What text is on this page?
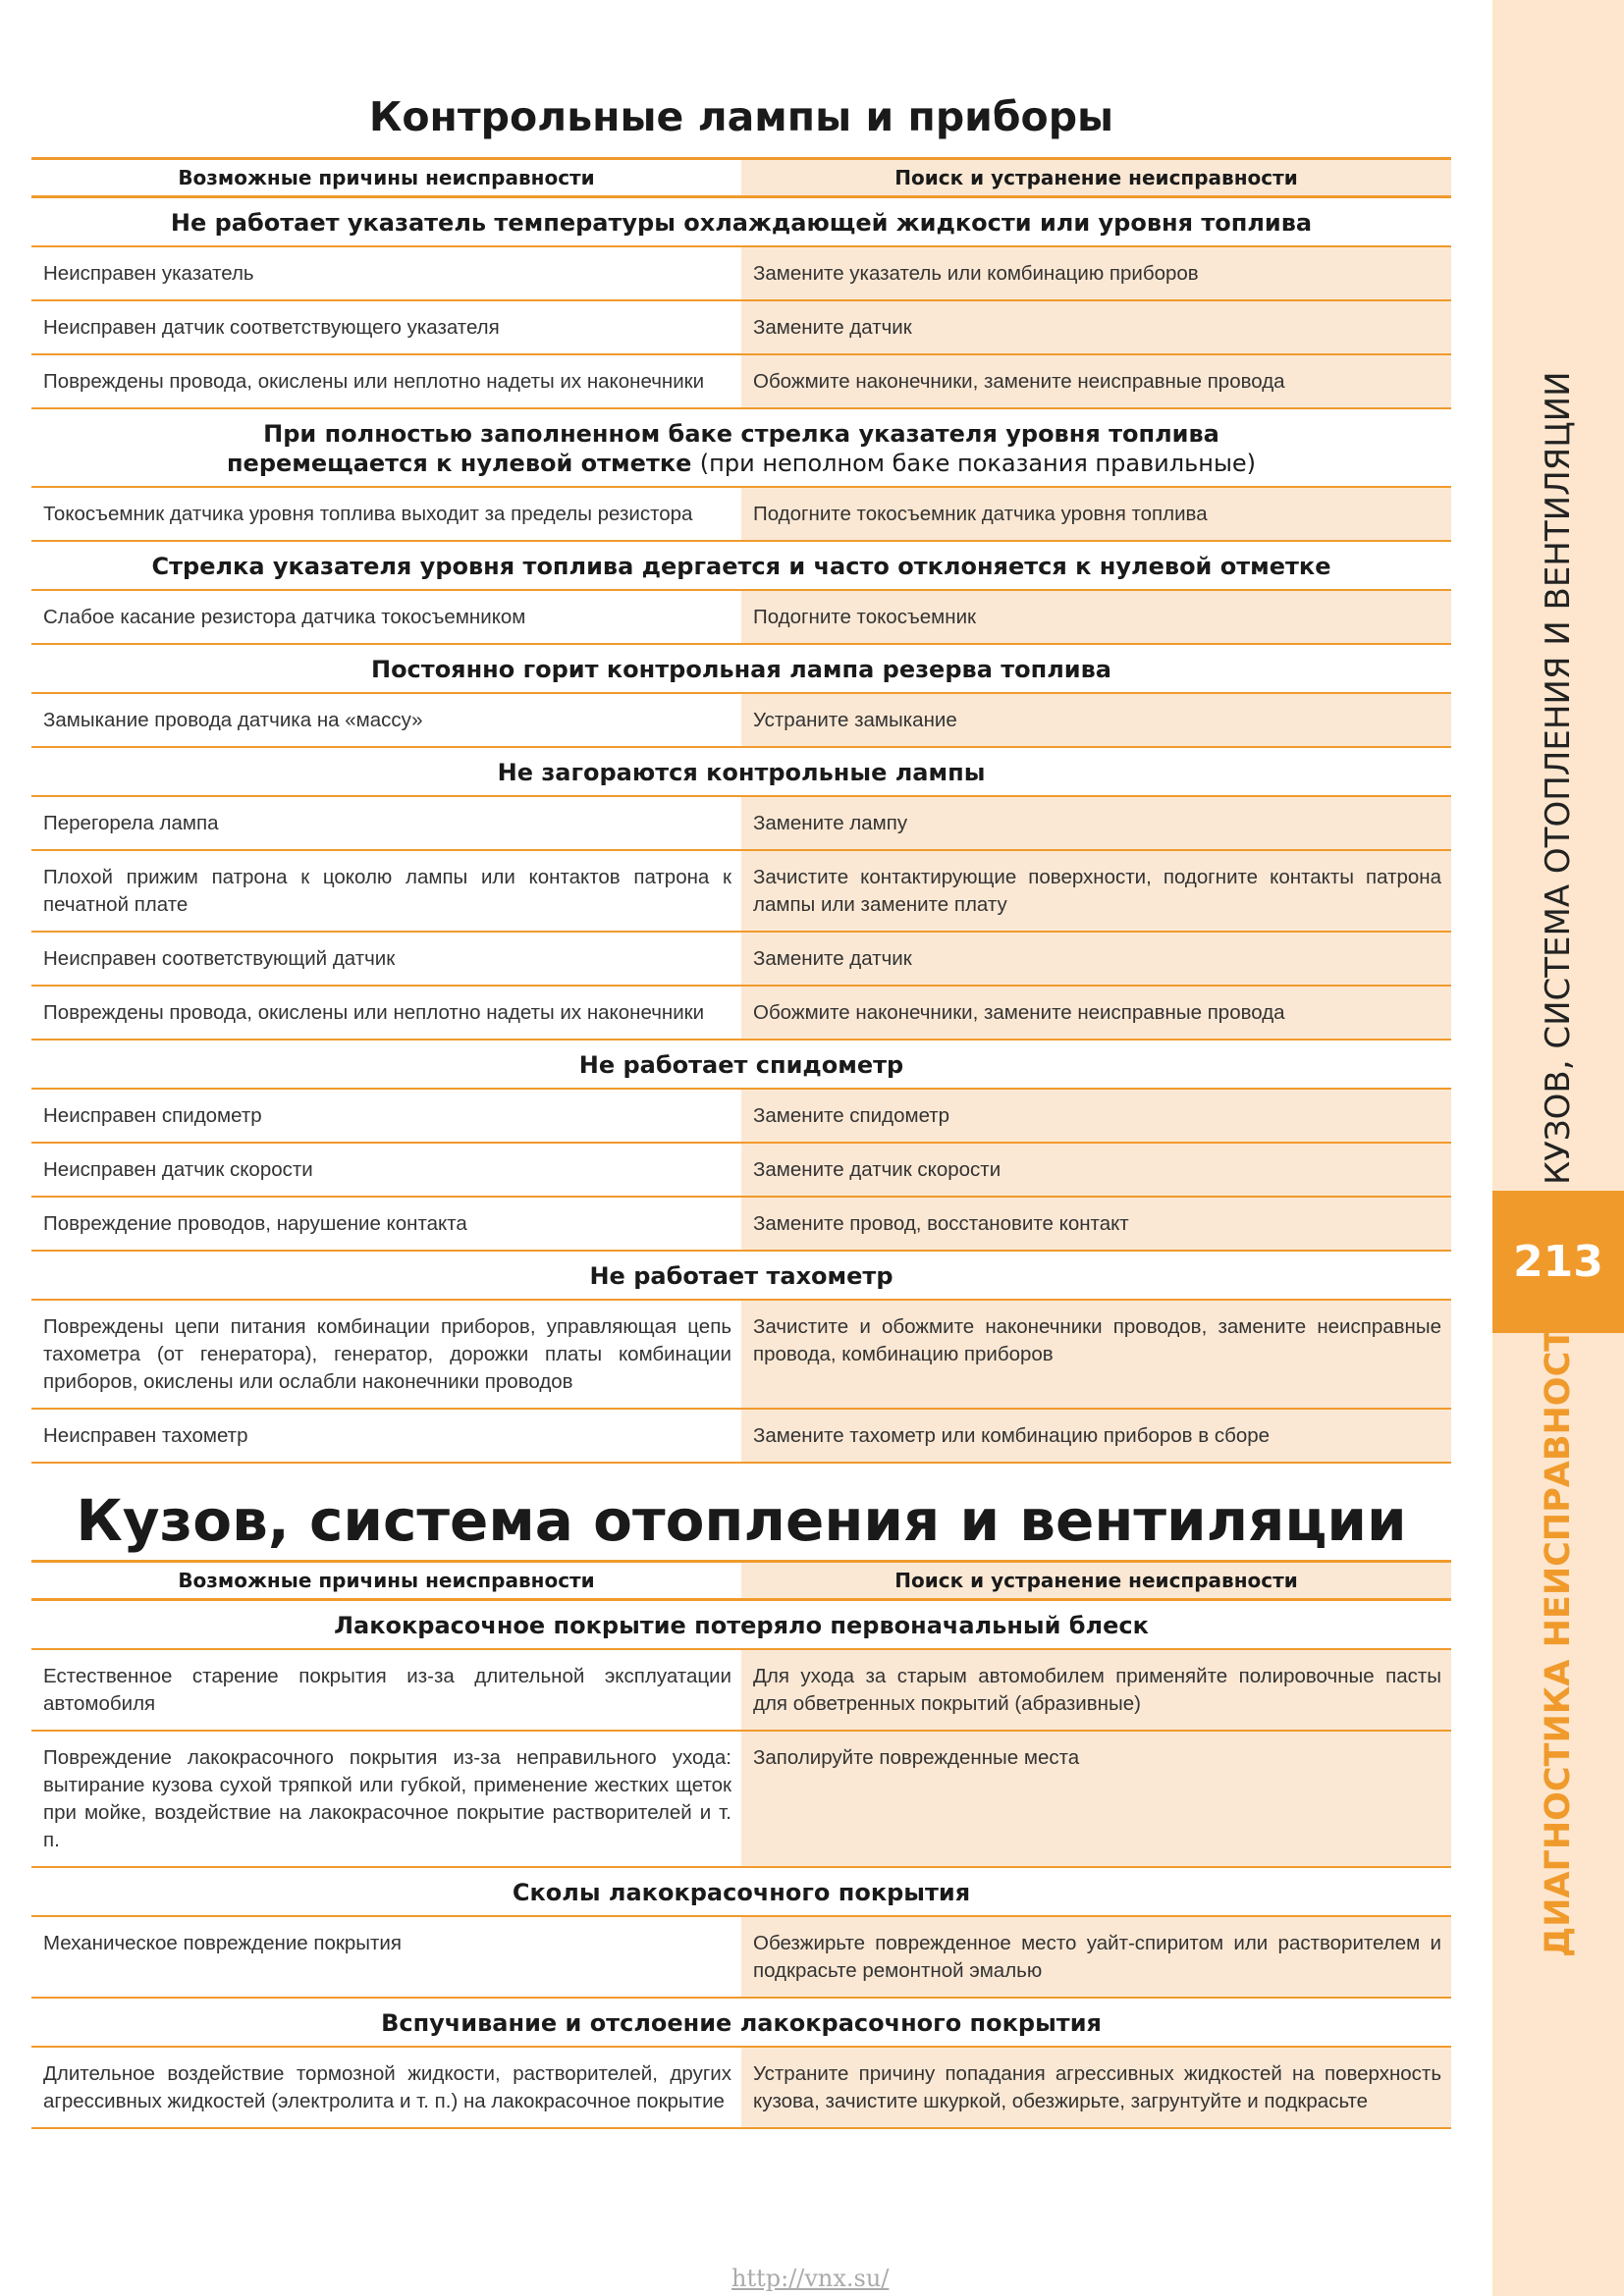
Контрольные лампы и приборы
Возможные причины неисправности	Поиск и устранение неисправности
Не работает указатель температуры охлаждающей жидкости или уровня топлива	
Неисправен указатель	Замените указатель или комбинацию приборов
Неисправен датчик соответствующего указателя	Замените датчик
Повреждены провода, окислены или неплотно надеты их наконечники	Обожмите наконечники, замените неисправные провода
При полностью заполненном баке стрелка указателя уровня топлива
перемещается к нулевой отметке (при неполном баке показания правильные)	
Токосъемник датчика уровня топлива выходит за пределы резистора	Подогните токосъемник датчика уровня топлива
Стрелка указателя уровня топлива дергается и часто отклоняется к нулевой отметке	
Слабое касание резистора датчика токосъемником	Подогните токосъемник
Постоянно горит контрольная лампа резерва топлива	
Замыкание провода датчика на «массу»	Устраните замыкание
Не загораются контрольные лампы	
Перегорела лампа	Замените лампу
Плохой прижим патрона к цоколю лампы или контактов патрона к печатной плате	Зачистите контактирующие поверхности, подогните контакты патрона лампы или замените плату
Неисправен соответствующий датчик	Замените датчик
Повреждены провода, окислены или неплотно надеты их наконечники	Обожмите наконечники, замените неисправные провода
Не работает спидометр	
Неисправен спидометр	Замените спидометр
Неисправен датчик скорости	Замените датчик скорости
Повреждение проводов, нарушение контакта	Замените провод, восстановите контакт
Не работает тахометр	
Повреждены цепи питания комбинации приборов, управляющая цепь тахометра (от генератора), генератор, дорожки платы комбинации приборов, окислены или ослабли наконечники проводов	Зачистите и обожмите наконечники проводов, замените неисправные провода, комбинацию приборов
Неисправен тахометр	Замените тахометр или комбинацию приборов в сборе
Кузов, система отопления и вентиляции
Возможные причины неисправности	Поиск и устранение неисправности
Лакокрасочное покрытие потеряло первоначальный блеск	
Естественное старение покрытия из-за длительной эксплуатации автомобиля	Для ухода за старым автомобилем применяйте полировочные пасты для обветренных покрытий (абразивные)
Повреждение лакокрасочного покрытия из-за неправильного ухода: вытирание кузова сухой тряпкой или губкой, применение жестких щеток при мойке, воздействие на лакокрасочное покрытие растворителей и т. п.	Заполируйте поврежденные места
Сколы лакокрасочного покрытия	
Механическое повреждение покрытия	Обезжирьте поврежденное место уайт-спиритом или растворителем и подкрасьте ремонтной эмалью
Вспучивание и отслоение лакокрасочного покрытия	
Длительное воздействие тормозной жидкости, растворителей, других агрессивных жидкостей (электролита и т. п.) на лакокрасочное покрытие	Устраните причину попадания агрессивных жидкостей на поверхность кузова, зачистите шкуркой, обезжирьте, загрунтуйте и подкрасьте
КУЗОВ, СИСТЕМА ОТОПЛЕНИЯ И ВЕНТИЛЯЦИИ
213
ДИАГНОСТИКА НЕИСПРАВНОСТЕЙ
http://vnx.su/
